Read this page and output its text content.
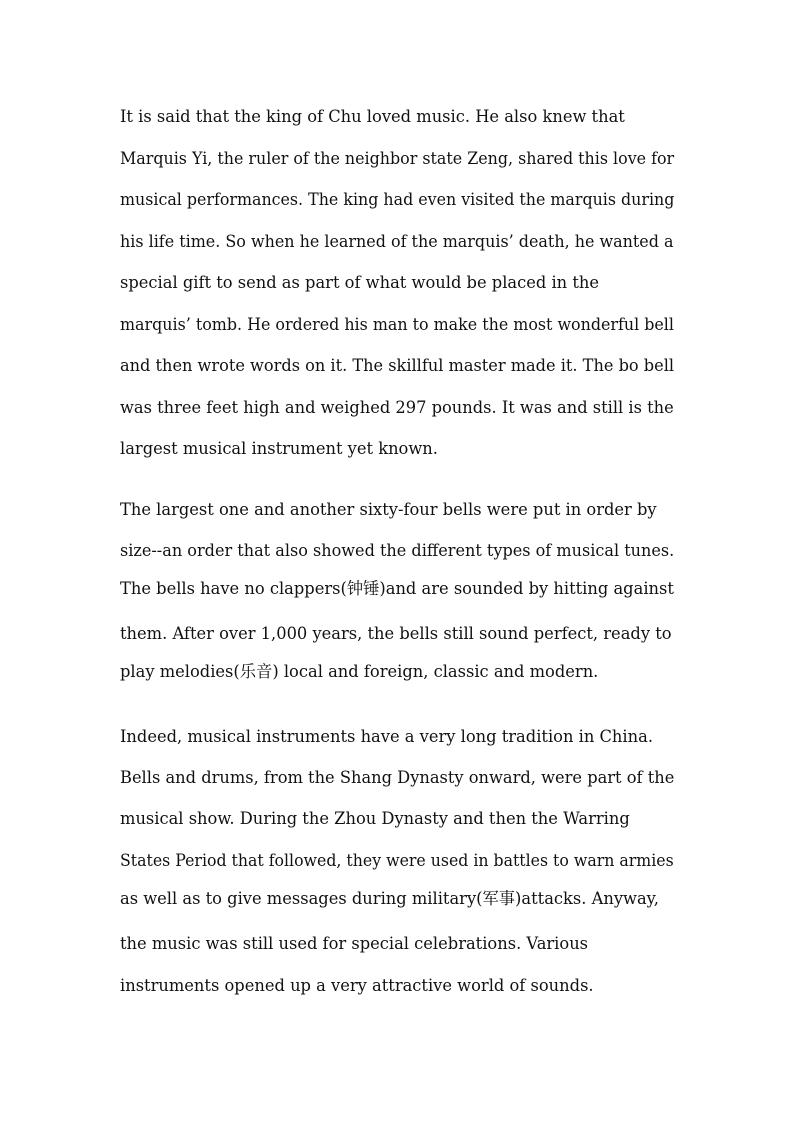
It is said that the king of Chu loved music. He also knew that
Marquis Yi, the ruler of the neighbor state Zeng, shared this love for
musical performances. The king had even visited the marquis during
his life time. So when he learned of the marquis’ death, he wanted a
special gift to send as part of what would be placed in the
marquis’ tomb. He ordered his man to make the most wonderful bell
and then wrote words on it. The skillful master made it. The bo bell
was three feet high and weighed 297 pounds. It was and still is the
largest musical instrument yet known.
The largest one and another sixty-four bells were put in order by
size--an order that also showed the different types of musical tunes.
The bells have no clappers(钟锤)and are sounded by hitting against
them. After over 1,000 years, the bells still sound perfect, ready to
play melodies(乐音) local and foreign, classic and modern.
Indeed, musical instruments have a very long tradition in China.
Bells and drums, from the Shang Dynasty onward, were part of the
musical show. During the Zhou Dynasty and then the Warring
States Period that followed, they were used in battles to warn armies
as well as to give messages during military(军事)attacks. Anyway,
the music was still used for special celebrations. Various
instruments opened up a very attractive world of sounds.
